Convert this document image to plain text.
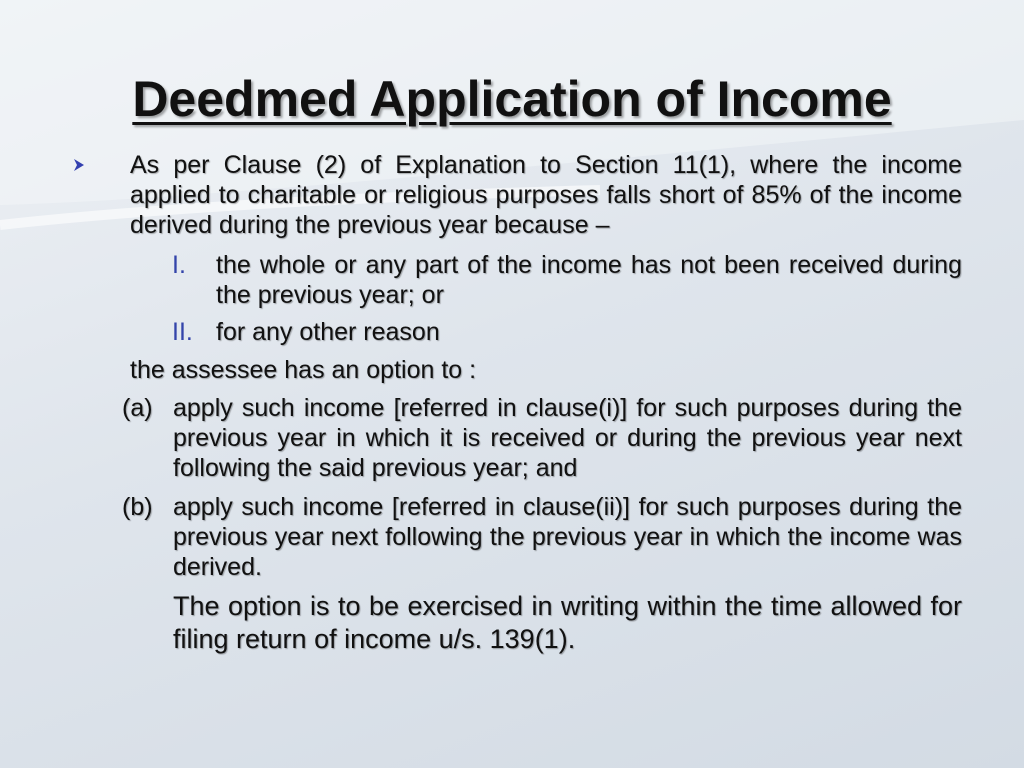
Deedmed Application of Income

As per Clause (2) of Explanation to Section 11(1), where the income applied to charitable or religious purposes falls short of 85% of the income derived during the previous year because –

I. the whole or any part of the income has not been received during the previous year; or

II. for any other reason

the assessee has an option to :

(a) apply such income [referred in clause(i)] for such purposes during the previous year in which it is received or during the previous year next following the said previous year; and

(b) apply such income [referred in clause(ii)] for such purposes during the previous year next following the previous year in which the income was derived.

The option is to be exercised in writing within the time allowed for filing return of income u/s. 139(1).
